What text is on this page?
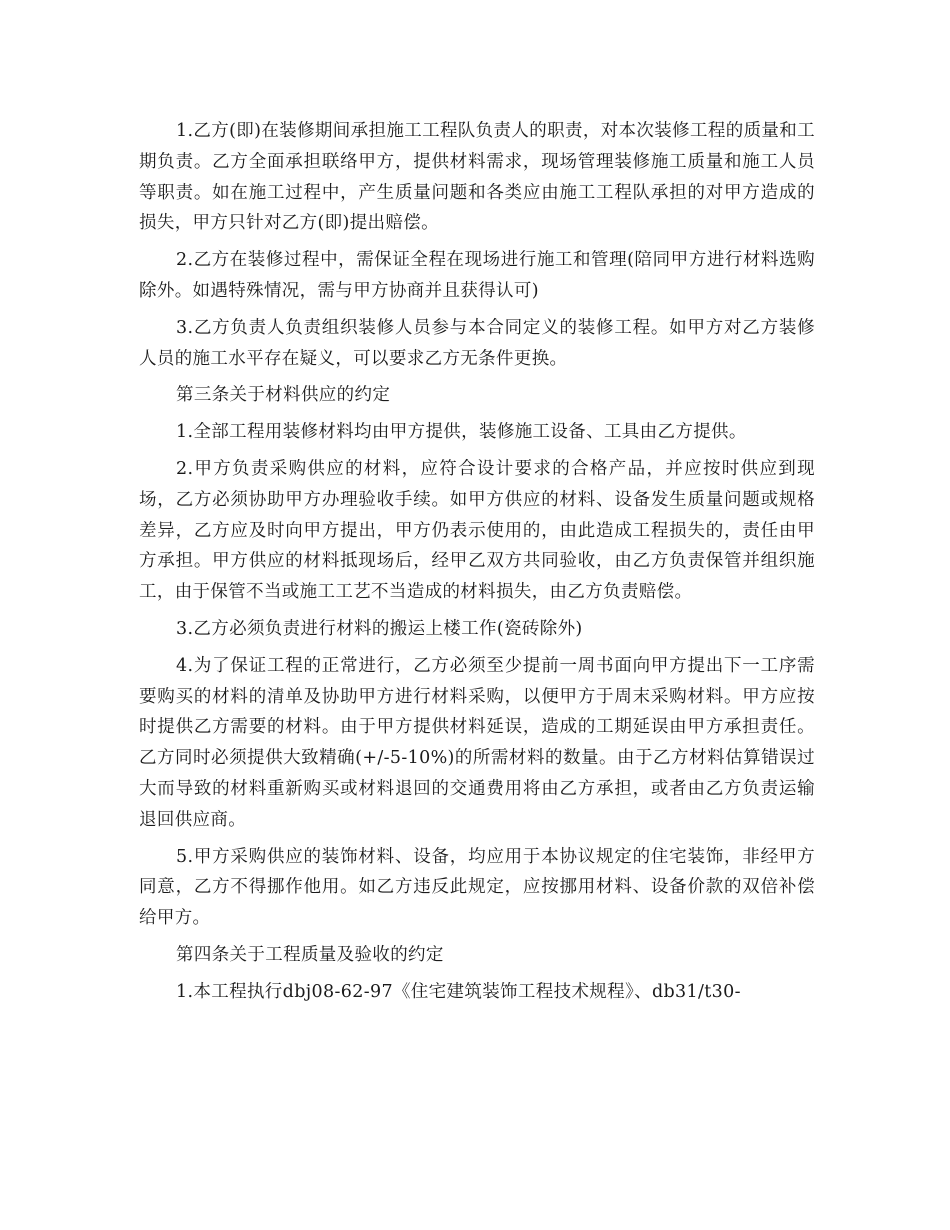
1.乙方(即)在装修期间承担施工工程队负责人的职责，对本次装修工程的质量和工期负责。乙方全面承担联络甲方，提供材料需求，现场管理装修施工质量和施工人员等职责。如在施工过程中，产生质量问题和各类应由施工工程队承担的对甲方造成的损失，甲方只针对乙方(即)提出赔偿。

2.乙方在装修过程中，需保证全程在现场进行施工和管理(陪同甲方进行材料选购除外。如遇特殊情况，需与甲方协商并且获得认可)

3.乙方负责人负责组织装修人员参与本合同定义的装修工程。如甲方对乙方装修人员的施工水平存在疑义，可以要求乙方无条件更换。

第三条关于材料供应的约定

1.全部工程用装修材料均由甲方提供，装修施工设备、工具由乙方提供。

2.甲方负责采购供应的材料，应符合设计要求的合格产品，并应按时供应到现场，乙方必须协助甲方办理验收手续。如甲方供应的材料、设备发生质量问题或规格差异，乙方应及时向甲方提出，甲方仍表示使用的，由此造成工程损失的，责任由甲方承担。甲方供应的材料抵现场后，经甲乙双方共同验收，由乙方负责保管并组织施工，由于保管不当或施工工艺不当造成的材料损失，由乙方负责赔偿。

3.乙方必须负责进行材料的搬运上楼工作(瓷砖除外)

4.为了保证工程的正常进行，乙方必须至少提前一周书面向甲方提出下一工序需要购买的材料的清单及协助甲方进行材料采购，以便甲方于周末采购材料。甲方应按时提供乙方需要的材料。由于甲方提供材料延误，造成的工期延误由甲方承担责任。乙方同时必须提供大致精确(+/-5-10%)的所需材料的数量。由于乙方材料估算错误过大而导致的材料重新购买或材料退回的交通费用将由乙方承担，或者由乙方负责运输退回供应商。

5.甲方采购供应的装饰材料、设备，均应用于本协议规定的住宅装饰，非经甲方同意，乙方不得挪作他用。如乙方违反此规定，应按挪用材料、设备价款的双倍补偿给甲方。

第四条关于工程质量及验收的约定

1.本工程执行dbj08-62-97《住宅建筑装饰工程技术规程》、db31/t30-
